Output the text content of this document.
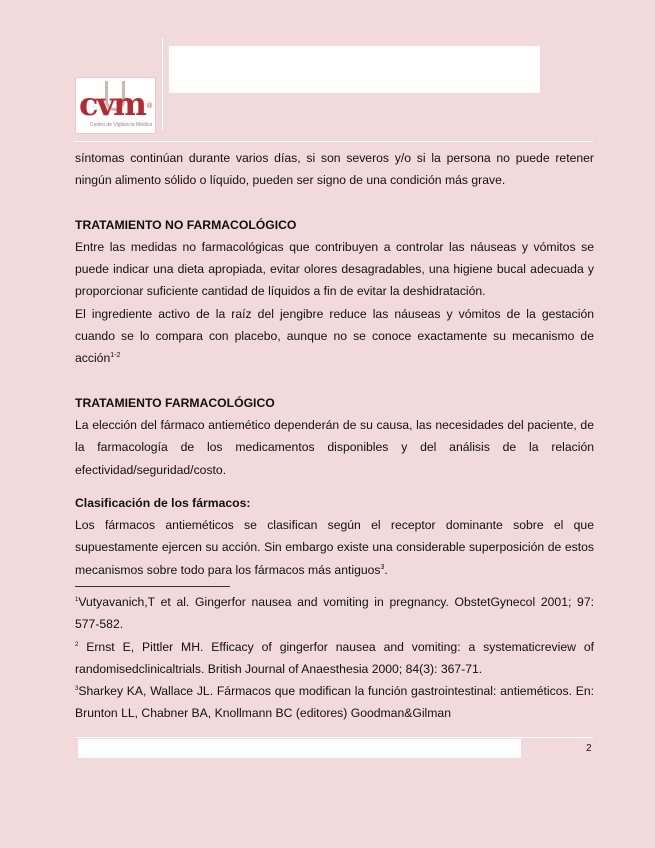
cvm ®
Centro de Vigilancia Médica

síntomas continúan durante varios días, si son severos y/o si la persona no puede retener ningún alimento sólido o líquido, pueden ser signo de una condición más grave.

TRATAMIENTO NO FARMACOLÓGICO

Entre las medidas no farmacológicas que contribuyen a controlar las náuseas y vómitos se puede indicar una dieta apropiada, evitar olores desagradables, una higiene bucal adecuada y proporcionar suficiente cantidad de líquidos a fin de evitar la deshidratación.

El ingrediente activo de la raíz del jengibre reduce las náuseas y vómitos de la gestación cuando se lo compara con placebo, aunque no se conoce exactamente su mecanismo de acción$^{1-2}$

TRATAMIENTO FARMACOLÓGICO

La elección del fármaco antiemético dependerán de su causa, las necesidades del paciente, de la farmacología de los medicamentos disponibles y del análisis de la relación efectividad/seguridad/costo.

Clasificación de los fármacos:

Los fármacos antieméticos se clasifican según el receptor dominante sobre el que supuestamente ejercen su acción. Sin embargo existe una considerable superposición de estos mecanismos sobre todo para los fármacos más antiguos$^3$.

$^1$Vutyavanich,T et al. Gingerfor nausea and vomiting in pregnancy. ObstetGynecol 2001; 97: 577-582.

$^2$ Ernst E, Pittler MH. Efficacy of gingerfor nausea and vomiting: a systematicreview of randomisedclinicaltrials. British Journal of Anaesthesia 2000; 84(3): 367-71.

$^3$Sharkey KA, Wallace JL. Fármacos que modifican la función gastrointestinal: antieméticos. En: Brunton LL, Chabner BA, Knollmann BC (editores) Goodman&Gilman

2
